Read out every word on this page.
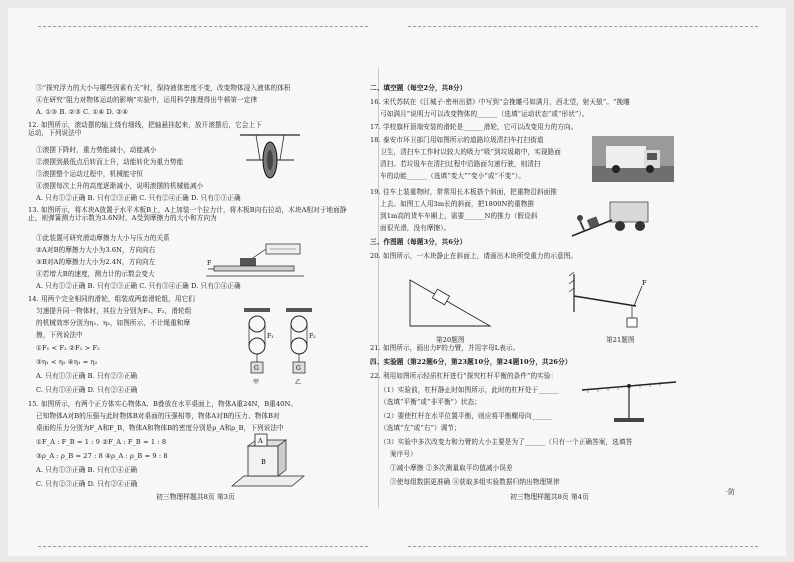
③“探究浮力的大小与哪些因素有关”时，保持液体密度不变，改变物体浸入液体的体积
④在研究“阻力对物体运动的影响”实验中，运用科学推理得出牛顿第一定律
A. ①③ B. ②③ C. ①④ D. ②④
12. 如图所示，滚动摆的轴上绕有细线，把轴悬挂起来，放开滚摆后，它会上下运动，下列说法中
①滚摆下降时，重力势能减小，动能减小
②滚摆到最低点后转而上升，动能转化为重力势能
③滚摆整个运动过程中，机械能守恒
④滚摆每次上升的高度逐渐减小，说明滚摆的机械能减小
A. 只有①②正确 B. 只有②③正确 C. 只有②④正确 D. 只有①③正确
13. 如图所示，将木块A放置于水平木板B上，A上加装一个拉力计，将木板B向右拉动，木块A相对于地面静止，则弹簧测力计示数为3.6N时，A受到摩擦力的大小和方向为
①此装置可研究滑动摩擦力大小与压力的关系
②A对B的摩擦力大小为3.6N，方向向右
③B对A的摩擦力大小为2.4N，方向向左
④若增大B的速度，测力计的示数会变大
A. 只有①②正确 B. 只有②③正确 C. 只有③④正确 D. 只有①④正确
14. 用两个完全相同的滑轮，组装成两套滑轮组，用它们
匀速提升同一物体时，其拉力分别为F₁、F₂，滑轮组
的机械效率分别为η₁、η₂，如图所示，不计绳重和摩
擦，下列说法中
①F₁ < F₂ ②F₁ > F₂
③η₁ < η₂ ④η₁ = η₂
A. 只有①③正确 B. 只有②③正确
C. 只有①④正确 D. 只有②④正确
15. 如图所示，有两个正方体实心物体A、B叠放在水平桌面上，物体A重24N，B重40N。
已知物体A对B的压强与此时物体B对桌面的压强相等，物体A对B的压力、物体B对
桌面的压力分别为F_A和F_B，物体A和物体B的密度分别是ρ_A和ρ_B，下列说法中
①F_A : F_B = 1 : 9 ②F_A : F_B = 1 : 8
③ρ_A : ρ_B = 27 : 8 ④ρ_A : ρ_B = 9 : 8
A. 只有①③正确 B. 只有①④正确
C. 只有②③正确 D. 只有②④正确
F
G	G
F₁	F₂
甲	乙
A
B
初三物理样题共8页 第3页
二、填空题（每空2分，共8分）
16. 宋代苏轼在《江城子·密州出猎》中写到“会挽雕弓如满月，西北望，射天狼”。“挽雕
弓如满月”说明力可以改变物体的______（选填“运动状态”或“形状”）。
17. 学校旗杆顶端安装的滑轮是______滑轮，它可以改变用力的方向。
18. 泰安市环卫部门用如图所示的道路垃圾清扫车打扫街道
卫生，清扫车工作时以较大的吸力“吸”到垃圾箱中，实现路面
清扫。若垃圾车在清扫过程中沿路面匀速行驶，则清扫
车的动能______（选填“变大”“变小”或“不变”）。
19. 往车上装重物时，常常用长木板搭个斜面，把重物沿斜面推
上去。如图工人用3m长的斜面，把1800N的重物推
到1m高的货车车厢上，需要______N的推力（假设斜
面很光滑，没有摩擦）。
三、作图题（每题3分，共6分）
20. 如图所示，一木块静止在斜面上，请画出木块所受重力的示意图。
21. 如图所示，画出力F的力臂，并用字母L表示。
四、实验题（第22题6分，第23题10分，第24题10分，共26分）
22. 利用如图所示轻质杠杆进行“探究杠杆平衡的条件”的实验：
（1）实验前，杠杆静止时如图所示，此时的杠杆处于______
（选填“平衡”或“非平衡”）状态；
（2）要使杠杆在水平位置平衡，则应将平衡螺母向______
（选填“左”或“右”）调节；
（3）实验中多次改变力和力臂的大小主要是为了______（只有一个正确答案，选填答
案序号）
①减小摩擦 ②多次测量取平均值减小误差
③使每组数据更准确 ④获取多组实验数据归纳出物理规律
第20题图
F
第21题图
初三物理样题共8页 第4页
·防
